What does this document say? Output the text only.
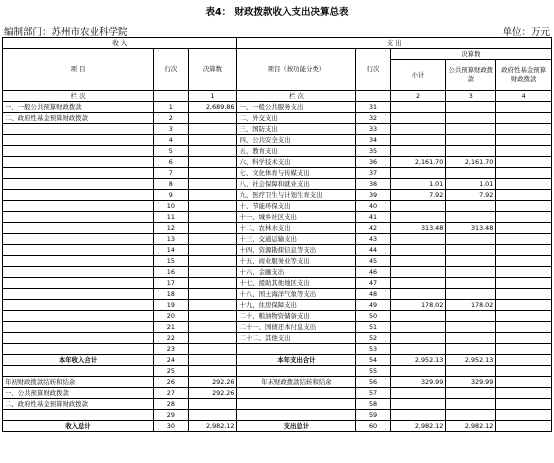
表4： 财政拨款收入支出决算总表
编制部门：苏州市农业科学院	单位：万元
收 入			支 出				
项 目	行次	决算数	项目（按功能分类）	行次	决算数		
					小计	公共预算财政拨款	政府性基金预算财政拨款
栏 次		1	栏 次		2	3	4
一、一般公共预算财政拨款	1	2,689.86	一、一般公共服务支出	31			
二、政府性基金预算财政拨款	2		二、外交支出	32			
	3		三、国防支出	33			
	4		四、公共安全支出	34			
	5		五、教育支出	35			
	6		六、科学技术支出	36	2,161.70	2,161.70	
	7		七、文化体育与传媒支出	37			
	8		八、社会保障和就业支出	38	1.01	1.01	
	9		九、医疗卫生与计划生育支出	39	7.92	7.92	
	10		十、节能环保支出	40			
	11		十一、城乡社区支出	41			
	12		十二、农林水支出	42	313.48	313.48	
	13		十三、交通运输支出	43			
	14		十四、资源勘探信息等支出	44			
	15		十五、商业服务业等支出	45			
	16		十六、金融支出	46			
	17		十七、援助其他地区支出	47			
	18		十八、国土海洋气象等支出	48			
	19		十九、住房保障支出	49	178.02	178.02	
	20		二十、粮油物资储备支出	50			
	21		二十一、国债还本付息支出	51			
	22		二十二、其他支出	52			
	23			53			
本年收入合计	24		本年支出合计	54	2,952.13	2,952.13	
	25			55			
年初财政拨款结转和结余	26	292.26	年末财政拨款结转和结余	56	329.99	329.99	
一、公共预算财政拨款	27	292.26		57			
二、政府性基金预算财政拨款	28			58			
	29			59			
收入总计	30	2,982.12	支出总计	60	2,982.12	2,982.12	
